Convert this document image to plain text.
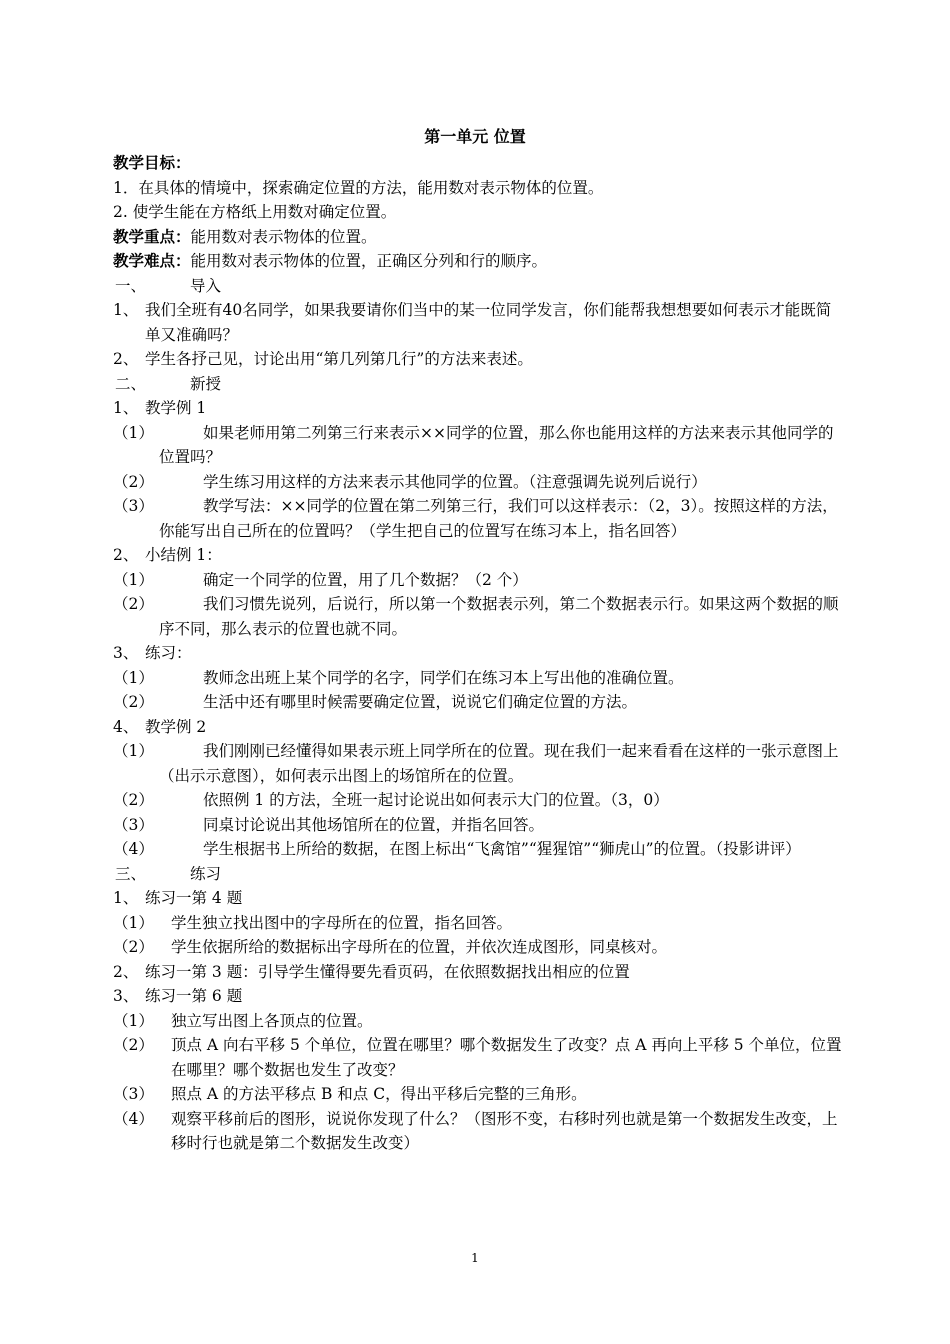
第一单元 位置
教学目标：
1．在具体的情境中，探索确定位置的方法，能用数对表示物体的位置。
2. 使学生能在方格纸上用数对确定位置。
教学重点：能用数对表示物体的位置。
教学难点：能用数对表示物体的位置，正确区分列和行的顺序。
一、	导入
1、 我们全班有40名同学，如果我要请你们当中的某一位同学发言，你们能帮我想想要如何表示才能既简单又准确吗？
2、 学生各抒己见，讨论出用“第几列第几行”的方法来表述。
二、	新授
1、 教学例 1
（1）	如果老师用第二列第三行来表示××同学的位置，那么你也能用这样的方法来表示其他同学的位置吗？
（2）	学生练习用这样的方法来表示其他同学的位置。（注意强调先说列后说行）
（3）	教学写法：××同学的位置在第二列第三行，我们可以这样表示：（2，3）。按照这样的方法，你能写出自己所在的位置吗？（学生把自己的位置写在练习本上，指名回答）
2、 小结例 1：
（1）	确定一个同学的位置，用了几个数据？（2 个）
（2）	我们习惯先说列，后说行，所以第一个数据表示列，第二个数据表示行。如果这两个数据的顺序不同，那么表示的位置也就不同。
3、 练习：
（1）	教师念出班上某个同学的名字，同学们在练习本上写出他的准确位置。
（2）	生活中还有哪里时候需要确定位置，说说它们确定位置的方法。
4、 教学例 2
（1）	我们刚刚已经懂得如果表示班上同学所在的位置。现在我们一起来看看在这样的一张示意图上（出示示意图），如何表示出图上的场馆所在的位置。
（2）	依照例 1 的方法，全班一起讨论说出如何表示大门的位置。（3，0）
（3）	同桌讨论说出其他场馆所在的位置，并指名回答。
（4）	学生根据书上所给的数据，在图上标出“飞禽馆”“猩猩馆”“狮虎山”的位置。（投影讲评）
三、	练习
1、 练习一第 4 题
（1）	学生独立找出图中的字母所在的位置，指名回答。
（2）	学生依据所给的数据标出字母所在的位置，并依次连成图形，同桌核对。
2、 练习一第 3 题：引导学生懂得要先看页码，在依照数据找出相应的位置
3、 练习一第 6 题
（1）	独立写出图上各顶点的位置。
（2）	顶点 A 向右平移 5 个单位，位置在哪里？哪个数据发生了改变？点 A 再向上平移 5 个单位，位置在哪里？哪个数据也发生了改变？
（3）	照点 A 的方法平移点 B 和点 C，得出平移后完整的三角形。
（4）	观察平移前后的图形，说说你发现了什么？（图形不变，右移时列也就是第一个数据发生改变，上移时行也就是第二个数据发生改变）
1
